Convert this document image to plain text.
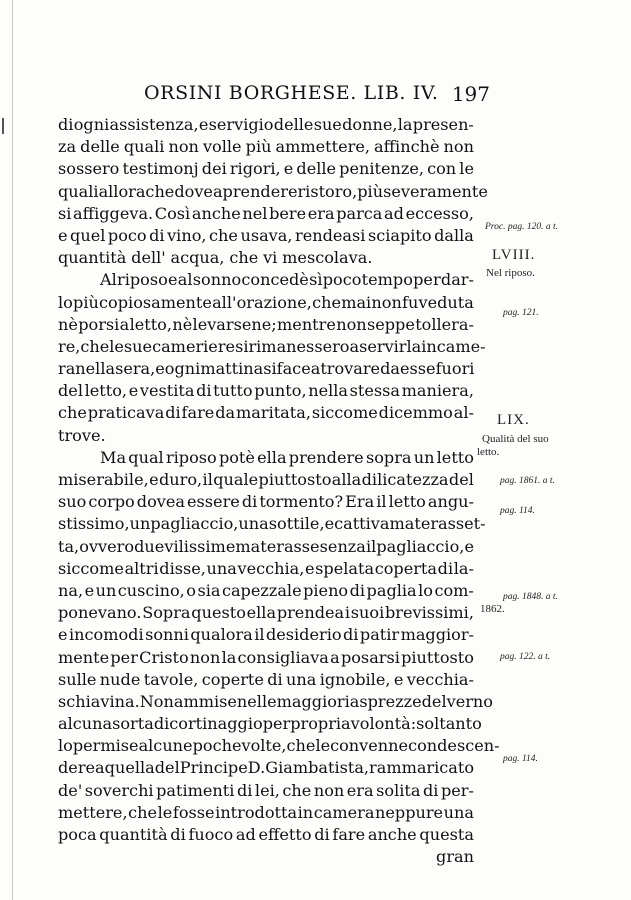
ORSINI BORGHESE. LIB. IV. 197
di ogni assistenza, e servigio delle sue donne, la presen-
za delle quali non volle più ammettere, affinchè non
sossero testimonj dei rigori, e delle penitenze, con le
quali allorache dovea prendere ristoro, più severamente
si affiggeva. Così anche nel bere era parca ad eccesso,
e quel poco di vino, che usava, rendeasi sciapito dalla
quantità dell' acqua, che vi mescolava.
Al riposo e al sonno concedè sì poco tempo per dar-
lo più copiosamente all' orazione, che mai non fu veduta
nè porsi a letto, nè levarsene; mentre non seppe tollera-
re, che le sue cameriere si rimanessero a servirla in came-
ra nella sera, e ogni mattina si facea trovare da esse fuori
del letto, e vestita di tutto punto, nella stessa maniera,
che praticava di fare da maritata, siccome dicemmo al-
trove.
Ma qual riposo potè ella prendere sopra un letto
miserabile, e duro, il quale piuttosto alla dilicatezza del
suo corpo dovea essere di tormento? Era il letto angu-
stissimo, un pagliaccio, una sottile, e cattiva materasset-
ta, ovvero due vilissime materasse senza il pagliaccio, e
siccome altri disse, una vecchia, e spelata coperta di la-
na, e un cuscino, o sia capezzale pieno di paglia lo com-
ponevano. Sopra questo ella prendea i suoi brevissimi,
e incomodi sonni qualora il desiderio di patir maggior-
mente per Cristo non la consigliava a posarsi piuttosto
sulle nude tavole, coperte di una ignobile, e vecchia-
schiavina. Non ammise nelle maggiori asprezze del verno
alcuna sorta di cortinaggio per propria volontà: soltanto
lo permise alcune poche volte, che le convenne condescen-
dere a quella del Principe D. Giambatista, rammaricato
de' soverchi patimenti di lei, che non era solita di per-
mettere, che le fosse introdotta in camera neppure una
poca quantità di fuoco ad effetto di fare anche questa
gran
Proc. pag. 120. a t.
LVIII.
Nel riposo.
pag. 121.
LIX.
Qualità del suo
letto.
pag. 1861. a t.
pag. 114.
pag. 1848. a t.
1862.
pag. 122. a t.
pag. 114.
